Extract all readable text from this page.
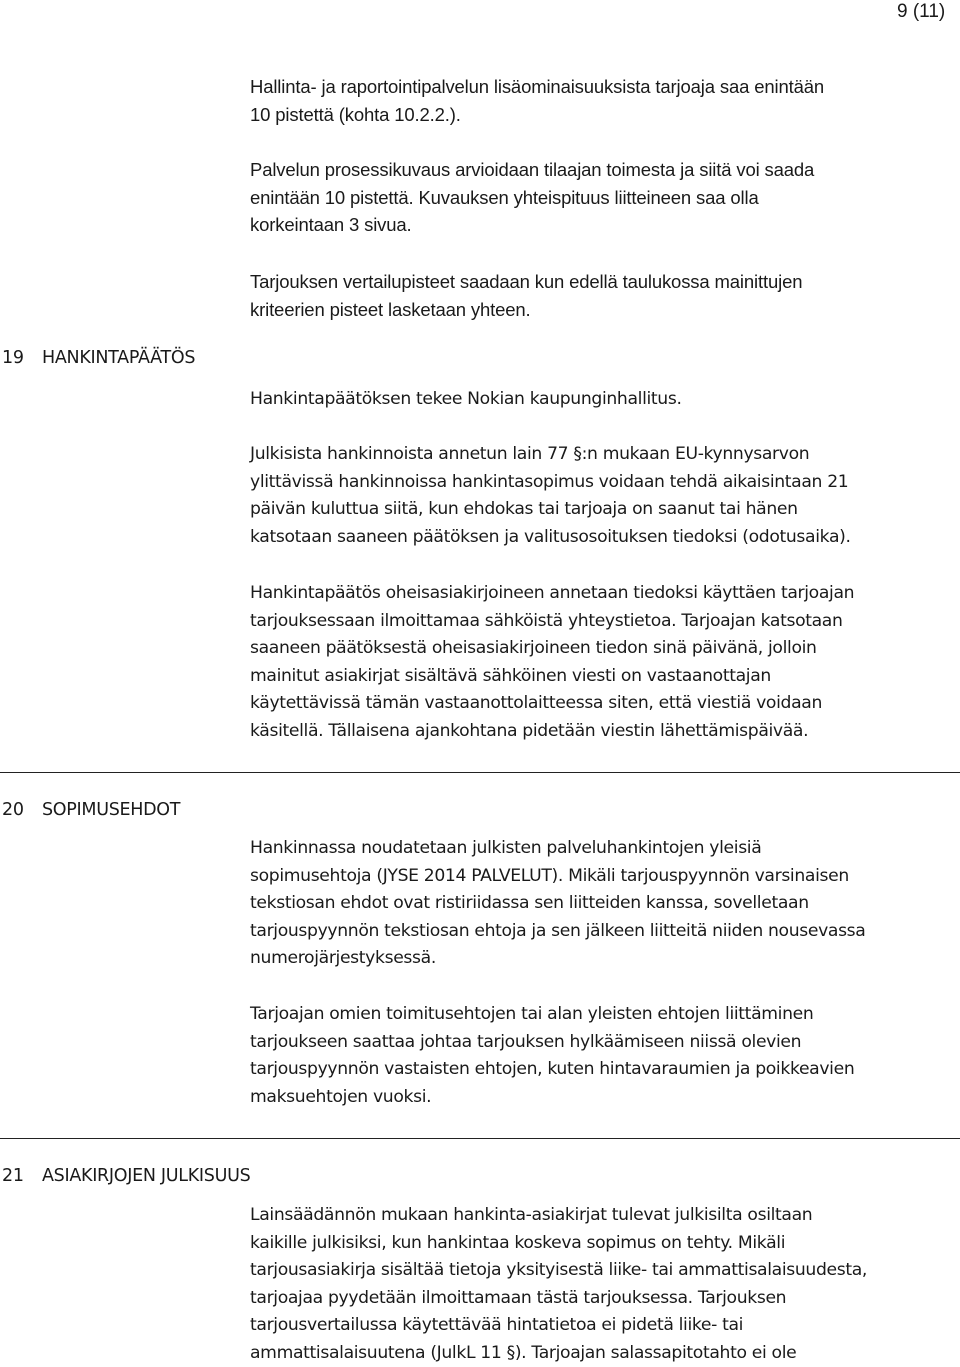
9 (11)
Hallinta- ja raportointipalvelun lisäominaisuuksista tarjoaja saa enintään
10 pistettä (kohta 10.2.2.).
Palvelun prosessikuvaus arvioidaan tilaajan toimesta ja siitä voi saada
enintään 10 pistettä. Kuvauksen yhteispituus liitteineen saa olla
korkeintaan 3 sivua.
Tarjouksen vertailupisteet saadaan kun edellä taulukossa mainittujen
kriteerien pisteet lasketaan yhteen.
19 HANKINTAPÄÄTÖS
Hankintapäätöksen tekee Nokian kaupunginhallitus.
Julkisista hankinnoista annetun lain 77 §:n mukaan EU-kynnysarvon
ylittävissä hankinnoissa hankintasopimus voidaan tehdä aikaisintaan 21
päivän kuluttua siitä, kun ehdokas tai tarjoaja on saanut tai hänen
katsotaan saaneen päätöksen ja valitusosoituksen tiedoksi (odotusaika).
Hankintapäätös oheisasiakirjoineen annetaan tiedoksi käyttäen tarjoajan
tarjouksessaan ilmoittamaa sähköistä yhteystietoa. Tarjoajan katsotaan
saaneen päätöksestä oheisasiakirjoineen tiedon sinä päivänä, jolloin
mainitut asiakirjat sisältävä sähköinen viesti on vastaanottajan
käytettävissä tämän vastaanottolaitteessa siten, että viestiä voidaan
käsitellä. Tällaisena ajankohtana pidetään viestin lähettämispäivää.
20 SOPIMUSEHDOT
Hankinnassa noudatetaan julkisten palveluhankintojen yleisiä
sopimusehtoja (JYSE 2014 PALVELUT). Mikäli tarjouspyynnön varsinaisen
tekstiosan ehdot ovat ristiriidassa sen liitteiden kanssa, sovelletaan
tarjouspyynnön tekstiosan ehtoja ja sen jälkeen liitteitä niiden nousevassa
numerojärjestyksessä.
Tarjoajan omien toimitusehtojen tai alan yleisten ehtojen liittäminen
tarjoukseen saattaa johtaa tarjouksen hylkäämiseen niissä olevien
tarjouspyynnön vastaisten ehtojen, kuten hintavaraumien ja poikkeavien
maksuehtojen vuoksi.
21 ASIAKIRJOJEN JULKISUUS
Lainsäädännön mukaan hankinta-asiakirjat tulevat julkisilta osiltaan
kaikille julkisiksi, kun hankintaa koskeva sopimus on tehty. Mikäli
tarjousasiakirja sisältää tietoja yksityisestä liike- tai ammattisalaisuudesta,
tarjoajaa pyydetään ilmoittamaan tästä tarjouksessa. Tarjouksen
tarjousvertailussa käytettävää hintatietoa ei pidetä liike- tai
ammattisalaisuutena (JulkL 11 §). Tarjoajan salassapitotahto ei ole
